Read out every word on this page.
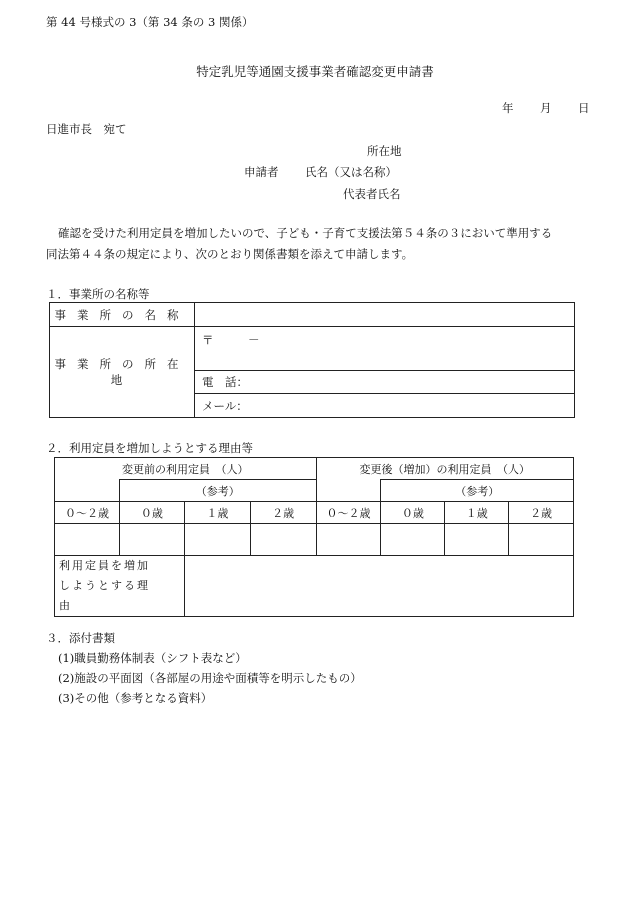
第 44 号様式の 3（第 34 条の 3 関係）
特定乳児等通園支援事業者確認変更申請書
年 月 日
日進市長　宛て
所在地
申請者 氏名（又は名称）
代表者氏名
確認を受けた利用定員を増加したいので、子ども・子育て支援法第５４条の３において準用する
同法第４４条の規定により、次のとおり関係書類を添えて申請します。
１．事業所の名称等
事業所の名称	
事業所の所在地	〒　　　－
	電　話：
	メール：
２．利用定員を増加しようとする理由等
変更前の利用定員　（人）				変更後（増加）の利用定員　（人）			
	（参考）				（参考）		
０～２歳	０歳	１歳	２歳	０～２歳	０歳	１歳	２歳

利用定員を増加
しようとする理由							

３．添付書類
(1)職員勤務体制表（シフト表など）
(2)施設の平面図（各部屋の用途や面積等を明示したもの）
(3)その他（参考となる資料）
